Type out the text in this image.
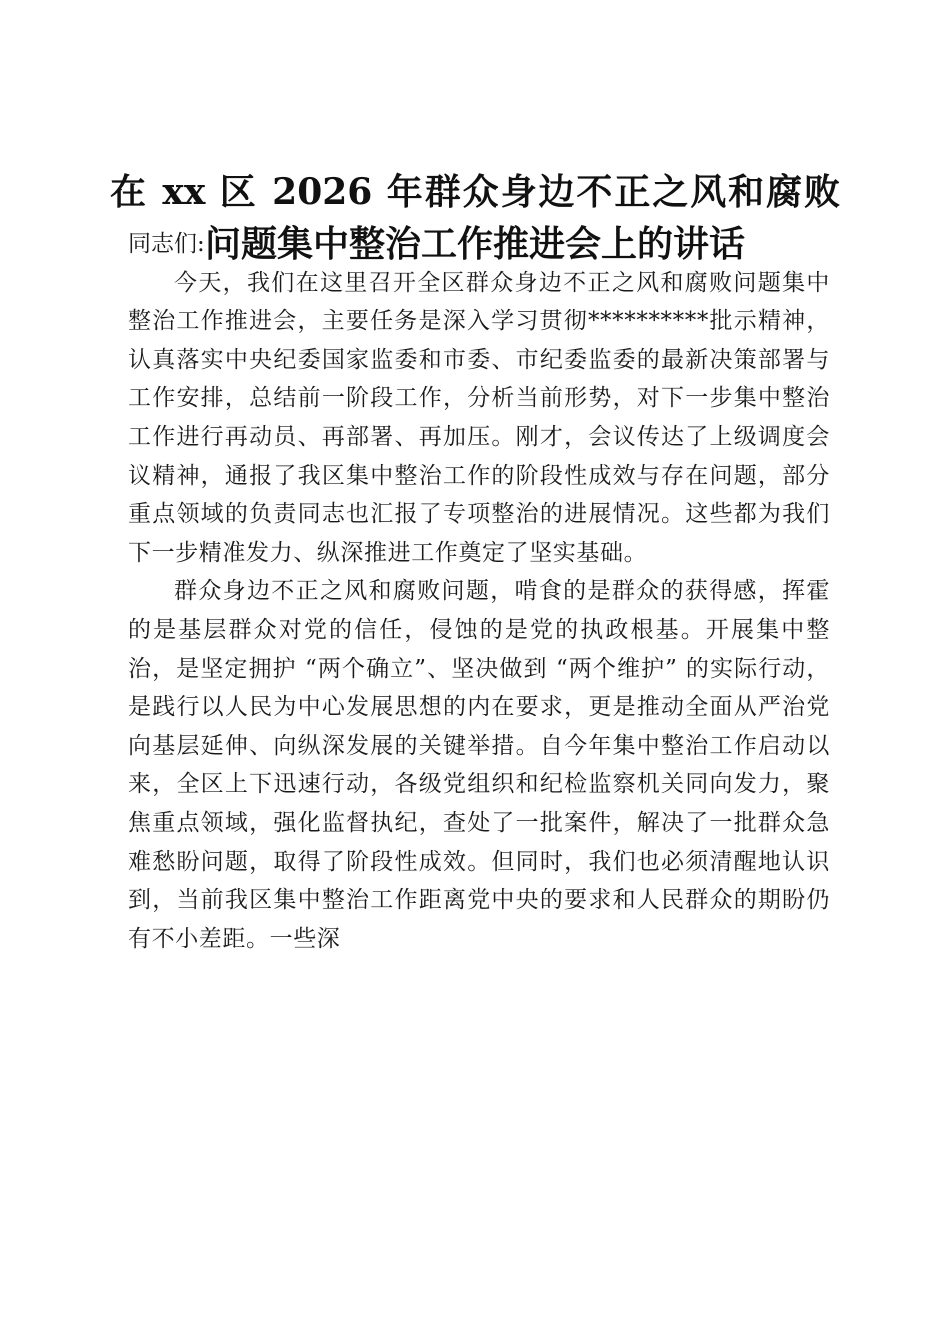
在 xx 区 2026 年群众身边不正之风和腐败问题集中整治工作推进会上的讲话

同志们:

今天，我们在这里召开全区群众身边不正之风和腐败问题集中整治工作推进会，主要任务是深入学习贯彻**********批示精神，认真落实中央纪委国家监委和市委、市纪委监委的最新决策部署与工作安排，总结前一阶段工作，分析当前形势，对下一步集中整治工作进行再动员、再部署、再加压。刚才，会议传达了上级调度会议精神，通报了我区集中整治工作的阶段性成效与存在问题，部分重点领域的负责同志也汇报了专项整治的进展情况。这些都为我们下一步精准发力、纵深推进工作奠定了坚实基础。

群众身边不正之风和腐败问题，啃食的是群众的获得感，挥霍的是基层群众对党的信任，侵蚀的是党的执政根基。开展集中整治，是坚定拥护 “两个确立”、坚决做到 “两个维护” 的实际行动，是践行以人民为中心发展思想的内在要求，更是推动全面从严治党向基层延伸、向纵深发展的关键举措。自今年集中整治工作启动以来，全区上下迅速行动，各级党组织和纪检监察机关同向发力，聚焦重点领域，强化监督执纪，查处了一批案件，解决了一批群众急难愁盼问题，取得了阶段性成效。但同时，我们也必须清醒地认识到，当前我区集中整治工作距离党中央的要求和人民群众的期盼仍有不小差距。一些深
